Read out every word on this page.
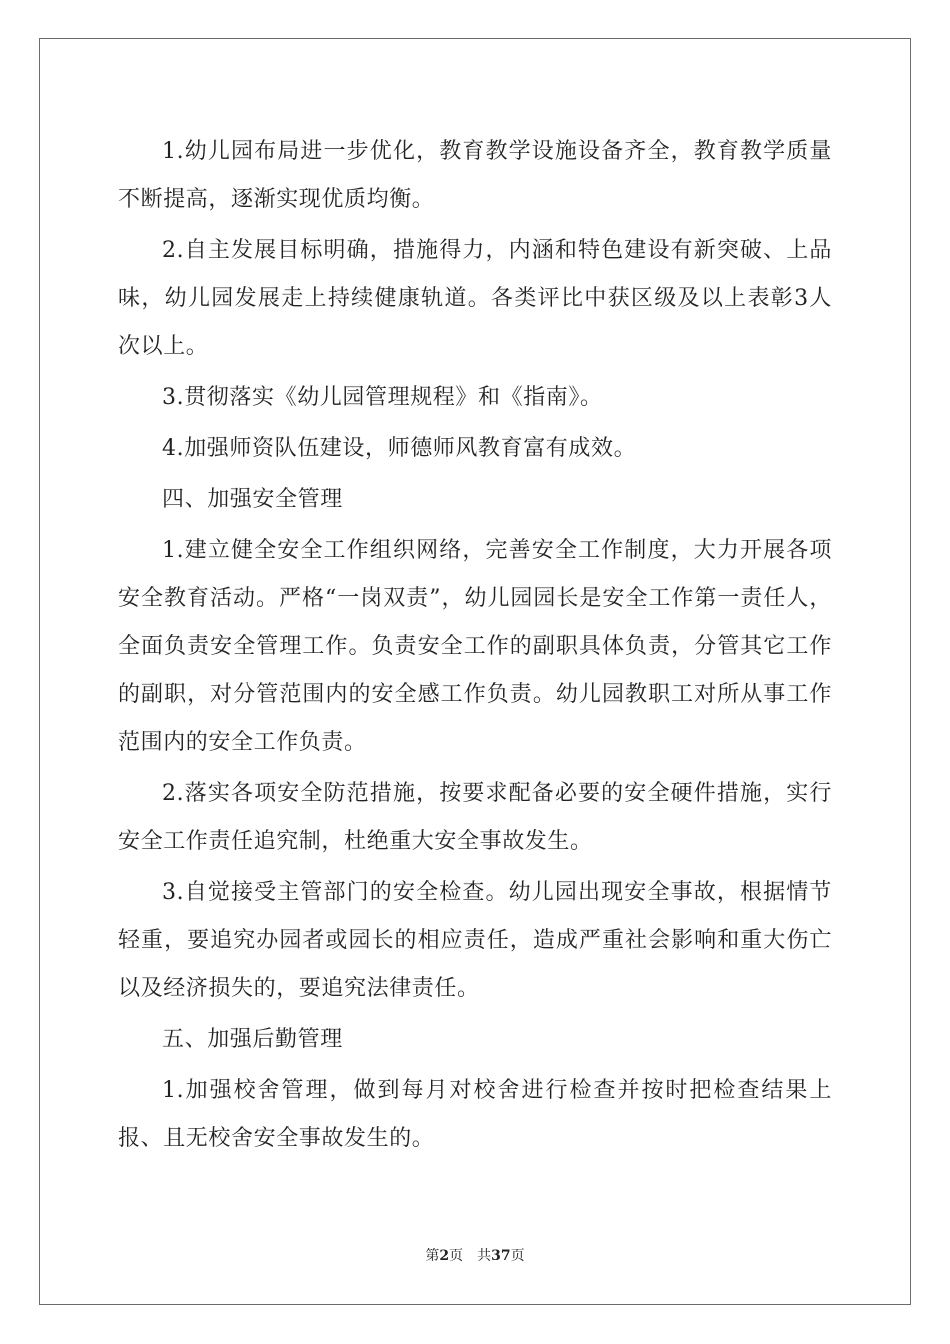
1.幼儿园布局进一步优化，教育教学设施设备齐全，教育教学质量不断提高，逐渐实现优质均衡。

2.自主发展目标明确，措施得力，内涵和特色建设有新突破、上品味，幼儿园发展走上持续健康轨道。各类评比中获区级及以上表彰3人次以上。

3.贯彻落实《幼儿园管理规程》和《指南》。

4.加强师资队伍建设，师德师风教育富有成效。

四、加强安全管理

1.建立健全安全工作组织网络，完善安全工作制度，大力开展各项安全教育活动。严格“一岗双责”，幼儿园园长是安全工作第一责任人，全面负责安全管理工作。负责安全工作的副职具体负责，分管其它工作的副职，对分管范围内的安全感工作负责。幼儿园教职工对所从事工作范围内的安全工作负责。

2.落实各项安全防范措施，按要求配备必要的安全硬件措施，实行安全工作责任追究制，杜绝重大安全事故发生。

3.自觉接受主管部门的安全检查。幼儿园出现安全事故，根据情节轻重，要追究办园者或园长的相应责任，造成严重社会影响和重大伤亡以及经济损失的，要追究法律责任。

五、加强后勤管理

1.加强校舍管理，做到每月对校舍进行检查并按时把检查结果上报、且无校舍安全事故发生的。

第2页 共37页
